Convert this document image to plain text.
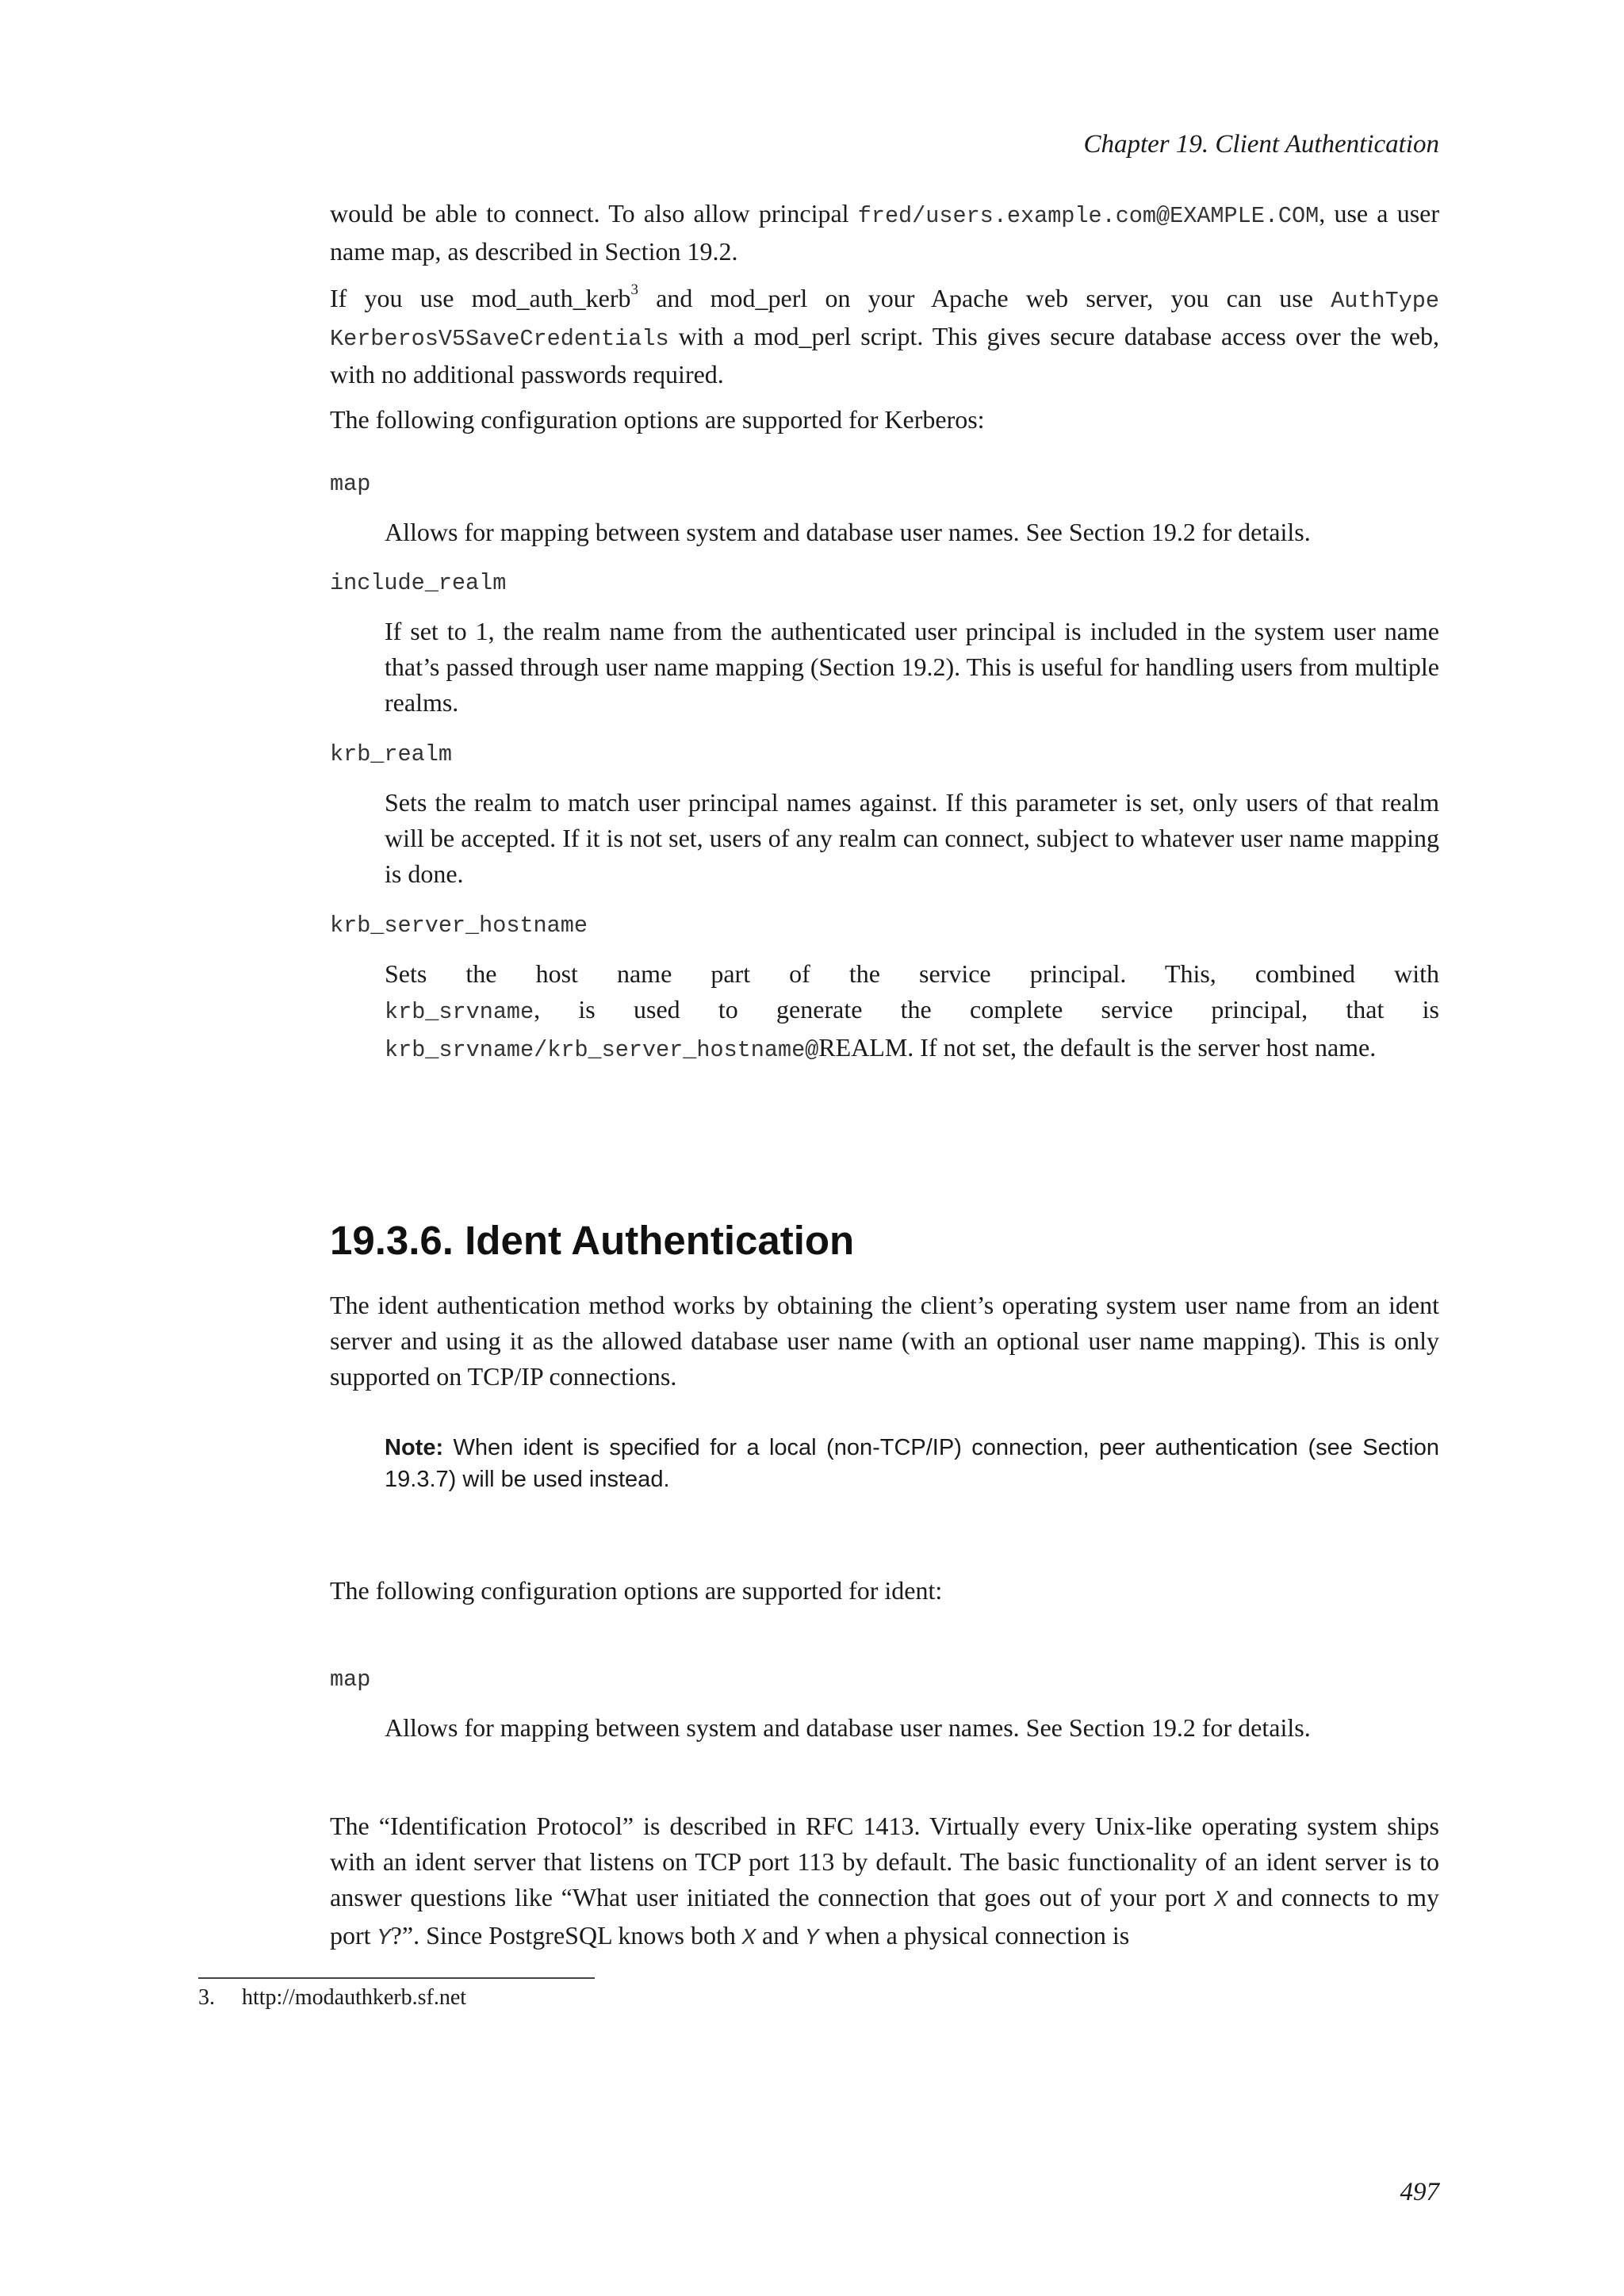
Chapter 19. Client Authentication

would be able to connect. To also allow principal fred/users.example.com@EXAMPLE.COM, use a user name map, as described in Section 19.2.

If you use mod_auth_kerb$^3$ and mod_perl on your Apache web server, you can use AuthType KerberosV5SaveCredentials with a mod_perl script. This gives secure database access over the web, with no additional passwords required.

The following configuration options are supported for Kerberos:

map

Allows for mapping between system and database user names. See Section 19.2 for details.

include_realm

If set to 1, the realm name from the authenticated user principal is included in the system user name that’s passed through user name mapping (Section 19.2). This is useful for handling users from multiple realms.

krb_realm

Sets the realm to match user principal names against. If this parameter is set, only users of that realm will be accepted. If it is not set, users of any realm can connect, subject to whatever user name mapping is done.

krb_server_hostname
Sets the host name part of the service principal. This, combined with
krb_srvname, is used to generate the complete service principal, that is
krb_srvname/krb_server_hostname@REALM. If not set, the default is the server host name.
19.3.6. Ident Authentication

The ident authentication method works by obtaining the client’s operating system user name from an ident server and using it as the allowed database user name (with an optional user name mapping). This is only supported on TCP/IP connections.

Note: When ident is specified for a local (non-TCP/IP) connection, peer authentication (see Section 19.3.7) will be used instead.

The following configuration options are supported for ident:

map

Allows for mapping between system and database user names. See Section 19.2 for details.

The “Identification Protocol” is described in RFC 1413. Virtually every Unix-like operating system ships with an ident server that listens on TCP port 113 by default. The basic functionality of an ident server is to answer questions like “What user initiated the connection that goes out of your port X and connects to my port Y?”. Since PostgreSQL knows both X and Y when a physical connection is

3. http://modauthkerb.sf.net
497
